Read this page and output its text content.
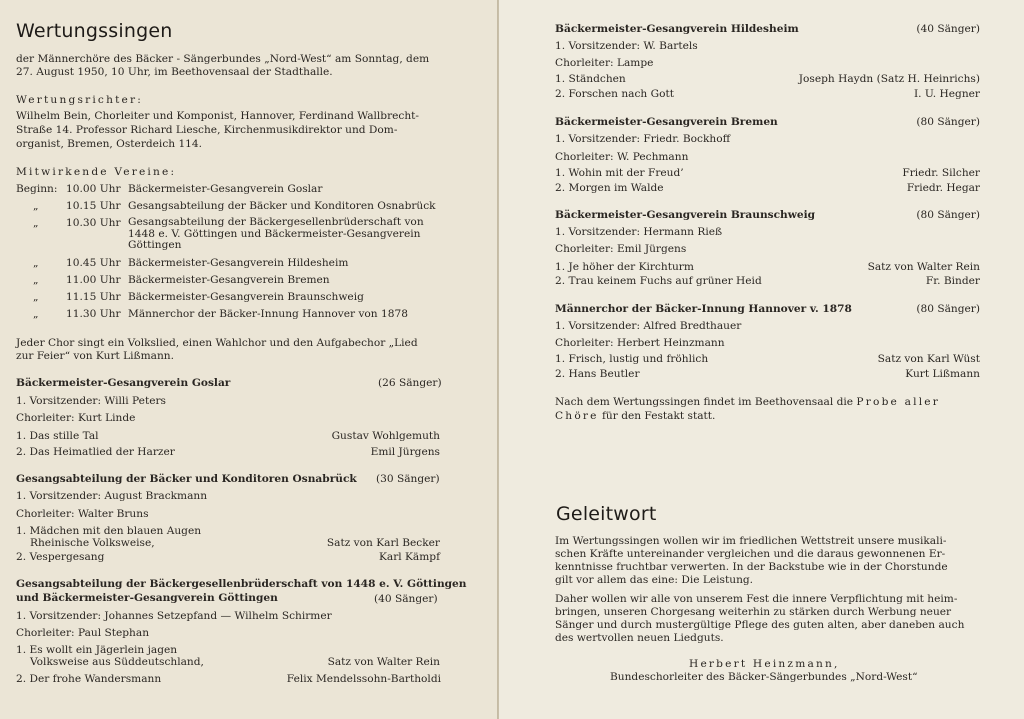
Wertungssingen
der Männerchöre des Bäcker - Sängerbundes „Nord-West“ am Sonntag, dem
27. August 1950, 10 Uhr, im Beethovensaal der Stadthalle.
Wertungsrichter:
Wilhelm Bein, Chorleiter und Komponist, Hannover, Ferdinand Wallbrecht-
Straße 14. Professor Richard Liesche, Kirchenmusikdirektor und Dom-
organist, Bremen, Osterdeich 114.
Mitwirkende Vereine:
Beginn: 10.00 Uhr Bäckermeister-Gesangverein Goslar
„	10.15 Uhr Gesangsabteilung der Bäcker und Konditoren Osnabrück
„	10.30 Uhr Gesangsabteilung der Bäckergesellenbrüderschaft von 1448 e. V. Göttingen und Bäckermeister-Gesangverein Göttingen
„	10.45 Uhr Bäckermeister-Gesangverein Hildesheim
„	11.00 Uhr Bäckermeister-Gesangverein Bremen
„	11.15 Uhr Bäckermeister-Gesangverein Braunschweig
„	11.30 Uhr Männerchor der Bäcker-Innung Hannover von 1878
Jeder Chor singt ein Volkslied, einen Wahlchor und den Aufgabechor „Lied
zur Feier“ von Kurt Lißmann.
Bäckermeister-Gesangverein Goslar	(26 Sänger)
1. Vorsitzender: Willi Peters
Chorleiter: Kurt Linde
1. Das stille Tal	Gustav Wohlgemuth
2. Das Heimatlied der Harzer	Emil Jürgens
Gesangsabteilung der Bäcker und Konditoren Osnabrück (30 Sänger)
1. Vorsitzender: August Brackmann
Chorleiter: Walter Bruns
1. Mädchen mit den blauen Augen
Rheinische Volksweise,	Satz von Karl Becker
2. Vespergesang	Karl Kämpf
Gesangsabteilung der Bäckergesellenbrüderschaft von 1448 e. V. Göttingen
und Bäckermeister-Gesangverein Göttingen	(40 Sänger)
1. Vorsitzender: Johannes Setzepfand — Wilhelm Schirmer
Chorleiter: Paul Stephan
1. Es wollt ein Jägerlein jagen
Volksweise aus Süddeutschland,	Satz von Walter Rein
2. Der frohe Wandersmann	Felix Mendelssohn-Bartholdi
Bäckermeister-Gesangverein Hildesheim	(40 Sänger)
1. Vorsitzender: W. Bartels
Chorleiter: Lampe
1. Ständchen	Joseph Haydn (Satz H. Heinrichs)
2. Forschen nach Gott	I. U. Hegner
Bäckermeister-Gesangverein Bremen	(80 Sänger)
1. Vorsitzender: Friedr. Bockhoff
Chorleiter: W. Pechmann
1. Wohin mit der Freud’	Friedr. Silcher
2. Morgen im Walde	Friedr. Hegar
Bäckermeister-Gesangverein Braunschweig	(80 Sänger)
1. Vorsitzender: Hermann Rieß
Chorleiter: Emil Jürgens
1. Je höher der Kirchturm	Satz von Walter Rein
2. Trau keinem Fuchs auf grüner Heid	Fr. Binder
Männerchor der Bäcker-Innung Hannover v. 1878	(80 Sänger)
1. Vorsitzender: Alfred Bredthauer
Chorleiter: Herbert Heinzmann
1. Frisch, lustig und fröhlich	Satz von Karl Wüst
2. Hans Beutler	Kurt Lißmann
Nach dem Wertungssingen findet im Beethovensaal die Probe aller
Chöre für den Festakt statt.
Geleitwort
Im Wertungssingen wollen wir im friedlichen Wettstreit unsere musikali-
schen Kräfte untereinander vergleichen und die daraus gewonnenen Er-
kenntnisse fruchtbar verwerten. In der Backstube wie in der Chorstunde
gilt vor allem das eine: Die Leistung.
Daher wollen wir alle von unserem Fest die innere Verpflichtung mit heim-
bringen, unseren Chorgesang weiterhin zu stärken durch Werbung neuer
Sänger und durch mustergültige Pflege des guten alten, aber daneben auch
des wertvollen neuen Liedguts.
Herbert Heinzmann,
Bundeschorleiter des Bäcker-Sängerbundes „Nord-West“
